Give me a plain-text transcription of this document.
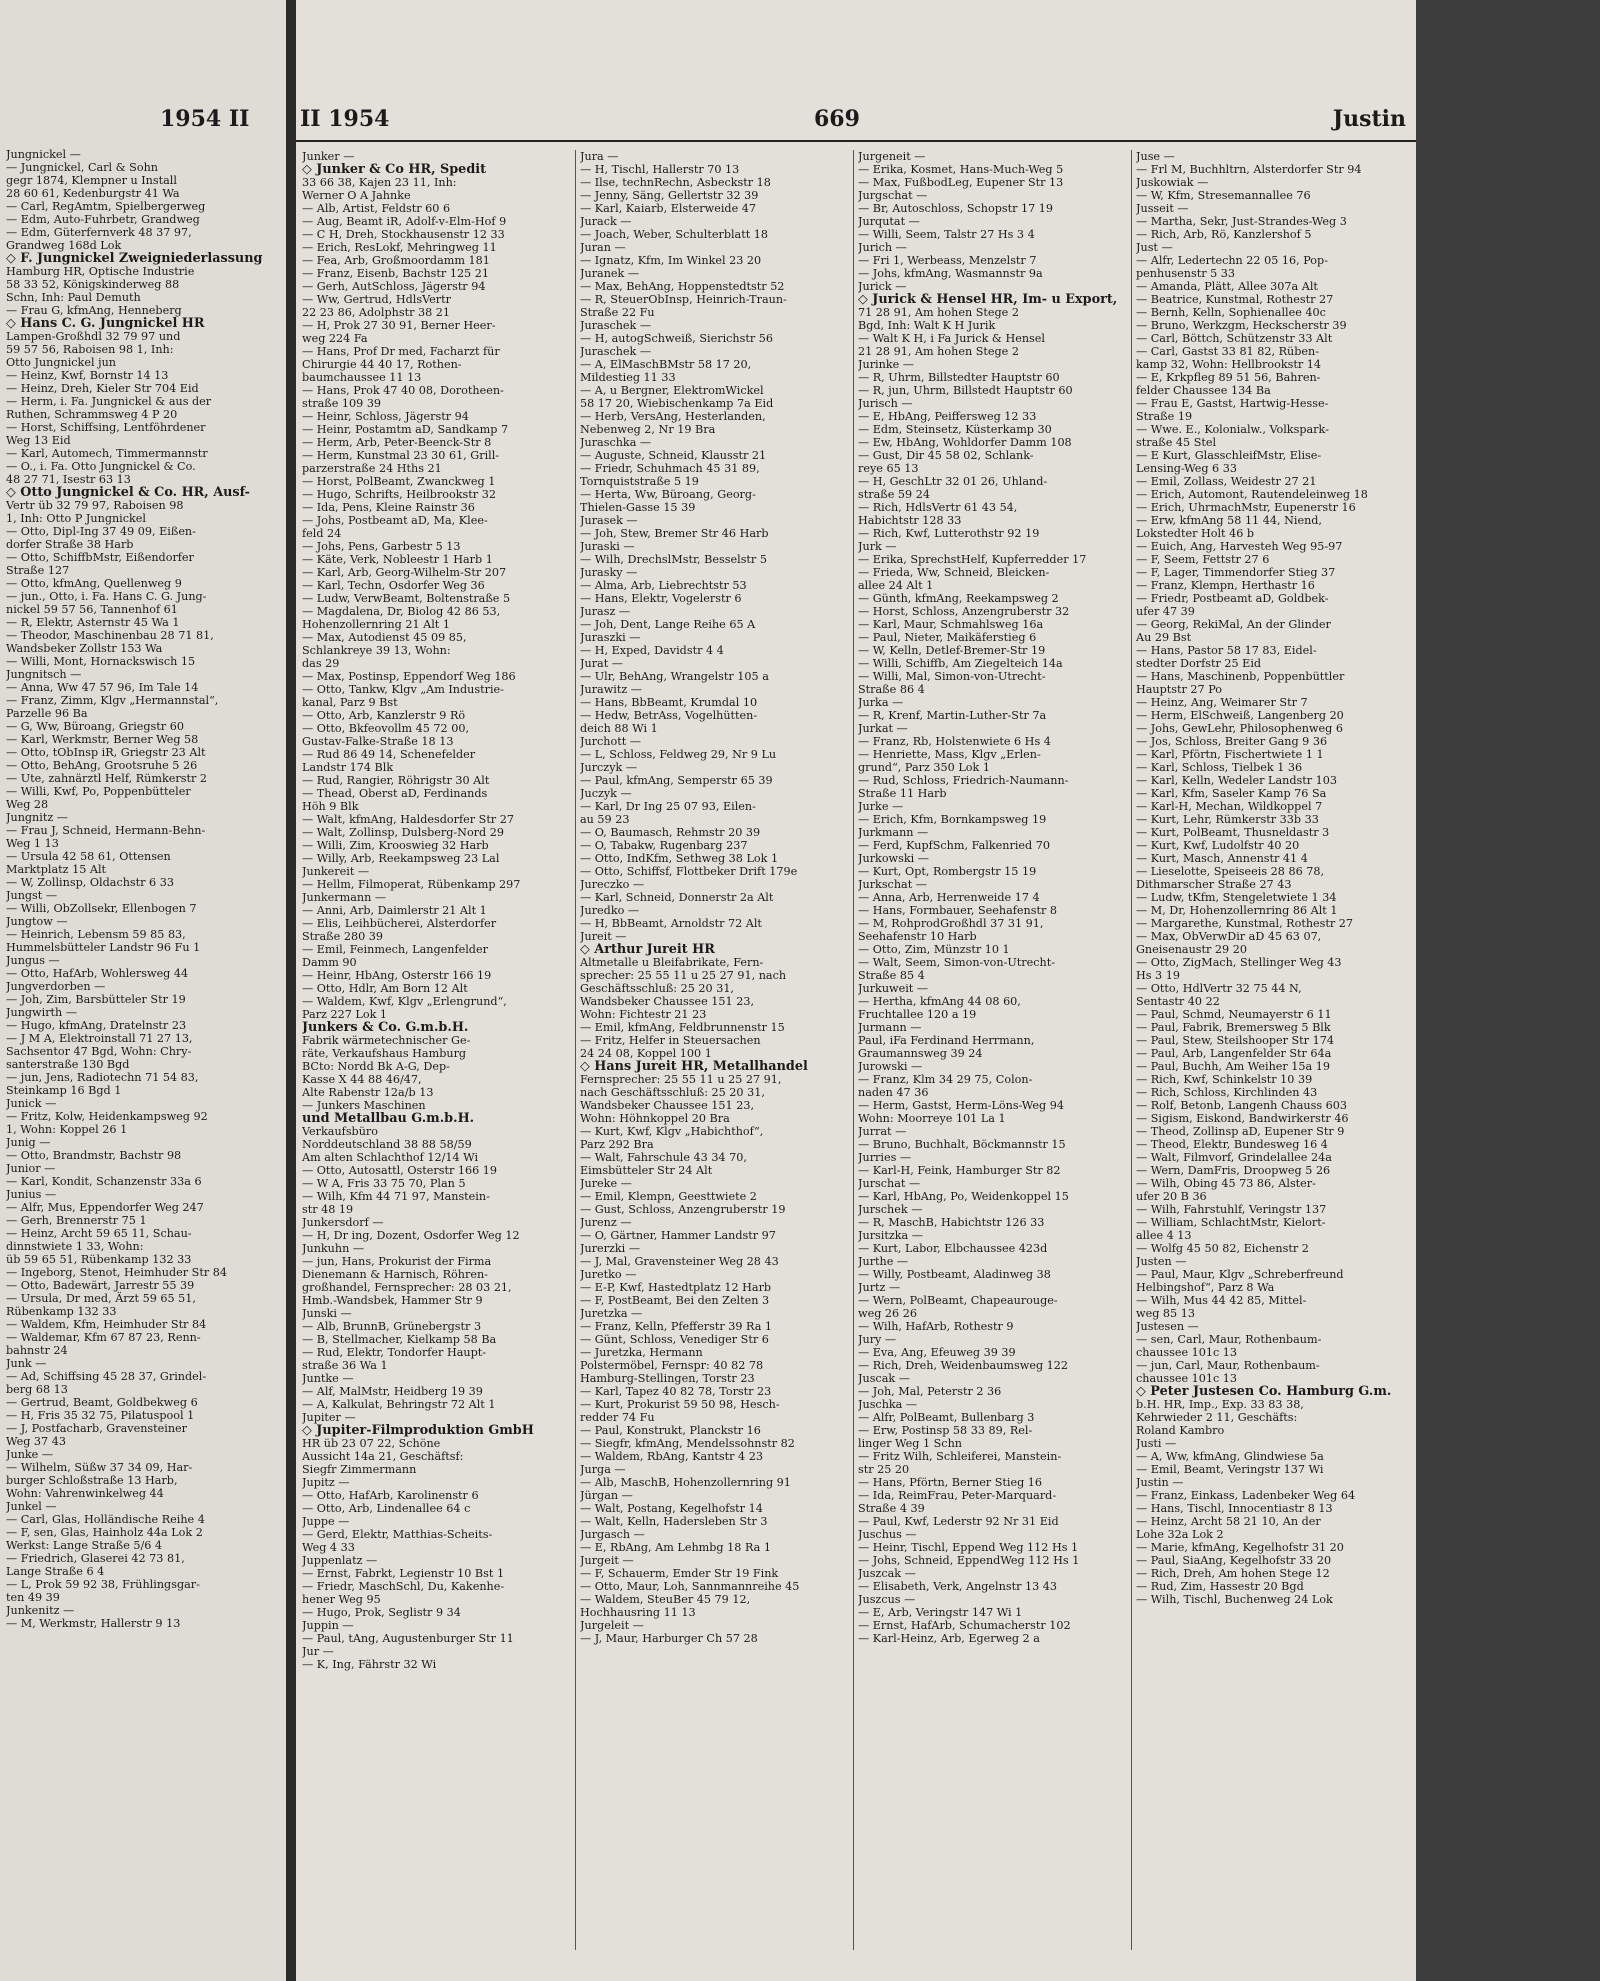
1954 II
Jungnickel —
— Jungnickel, Carl & Sohn
gegr 1874, Klempner u Install
28 60 61, Kedenburgstr 41 Wa
— Carl, RegAmtm, Spielbergerweg
— Edm, Auto-Fuhrbetr, Grandweg
— Edm, Güterfernverk 48 37 97,
Grandweg 168d Lok
◇ F. Jungnickel Zweigniederlassung
Hamburg HR, Optische Industrie
58 33 52, Königskinderweg 88
Schn, Inh: Paul Demuth
— Frau G, kfmAng, Henneberg
◇ Hans C. G. Jungnickel HR
Lampen-Großhdl 32 79 97 und
59 57 56, Raboisen 98 1, Inh:
Otto Jungnickel jun
— Heinz, Kwf, Bornstr 14 13
— Heinz, Dreh, Kieler Str 704 Eid
— Herm, i. Fa. Jungnickel & aus der
Ruthen, Schrammsweg 4 P 20
— Horst, Schiffsing, Lentföhrdener
Weg 13 Eid
— Karl, Automech, Timmermannstr
— O., i. Fa. Otto Jungnickel & Co.
48 27 71, Isestr 63 13
◇ Otto Jungnickel & Co. HR, Ausf-
Vertr üb 32 79 97, Raboisen 98
1, Inh: Otto P Jungnickel
— Otto, Dipl-Ing 37 49 09, Eißen-
dorfer Straße 38 Harb
— Otto, SchiffbMstr, Eißendorfer
Straße 127
— Otto, kfmAng, Quellenweg 9
— jun., Otto, i. Fa. Hans C. G. Jung-
nickel 59 57 56, Tannenhof 61
— R, Elektr, Asternstr 45 Wa 1
— Theodor, Maschinenbau 28 71 81,
Wandsbeker Zollstr 153 Wa
— Willi, Mont, Hornackswisch 15
Jungnitsch —
— Anna, Ww 47 57 96, Im Tale 14
— Franz, Zimm, Klgv „Hermannstal“,
Parzelle 96 Ba
— G, Ww, Büroang, Griegstr 60
— Karl, Werkmstr, Berner Weg 58
— Otto, tObInsp iR, Griegstr 23 Alt
— Otto, BehAng, Grootsruhe 5 26
— Ute, zahnärztl Helf, Rümkerstr 2
— Willi, Kwf, Po, Poppenbütteler
Weg 28
Jungnitz —
— Frau J, Schneid, Hermann-Behn-
Weg 1 13
— Ursula 42 58 61, Ottensen
Marktplatz 15 Alt
— W, Zollinsp, Oldachstr 6 33
Jungst —
— Willi, ObZollsekr, Ellenbogen 7
Jungtow —
— Heinrich, Lebensm 59 85 83,
Hummelsbütteler Landstr 96 Fu 1
Jungus —
— Otto, HafArb, Wohlersweg 44
Jungverdorben —
— Joh, Zim, Barsbütteler Str 19
Jungwirth —
— Hugo, kfmAng, Dratelnstr 23
— J M A, Elektroinstall 71 27 13,
Sachsentor 47 Bgd, Wohn: Chry-
santerstraße 130 Bgd
— jun, Jens, Radiotechn 71 54 83,
Steinkamp 16 Bgd 1
Junick —
— Fritz, Kolw, Heidenkampsweg 92
1, Wohn: Koppel 26 1
Junig —
— Otto, Brandmstr, Bachstr 98
Junior —
— Karl, Kondit, Schanzenstr 33a 6
Junius —
— Alfr, Mus, Eppendorfer Weg 247
— Gerh, Brennerstr 75 1
— Heinz, Archt 59 65 11, Schau-
dinnstwiete 1 33, Wohn:
üb 59 65 51, Rübenkamp 132 33
— Ingeborg, Stenot, Heimhuder Str 84
— Otto, Badewärt, Jarrestr 55 39
— Ursula, Dr med, Ärzt 59 65 51,
Rübenkamp 132 33
— Waldem, Kfm, Heimhuder Str 84
— Waldemar, Kfm 67 87 23, Renn-
bahnstr 24
Junk —
— Ad, Schiffsing 45 28 37, Grindel-
berg 68 13
— Gertrud, Beamt, Goldbekweg 6
— H, Fris 35 32 75, Pilatuspool 1
— J, Postfacharb, Gravensteiner
Weg 37 43
Junke —
— Wilhelm, Süßw 37 34 09, Har-
burger Schloßstraße 13 Harb,
Wohn: Vahrenwinkelweg 44
Junkel —
— Carl, Glas, Holländische Reihe 4
— F, sen, Glas, Hainholz 44a Lok 2
Werkst: Lange Straße 5/6 4
— Friedrich, Glaserei 42 73 81,
Lange Straße 6 4
— L, Prok 59 92 38, Frühlingsgar-
ten 49 39
Junkenitz —
— M, Werkmstr, Hallerstr 9 13
II 1954	669	Justin
Junker —
◇ Junker & Co HR, Spedit
33 66 38, Kajen 23 11, Inh:
Werner O A Jahnke
— Alb, Artist, Feldstr 60 6
— Aug, Beamt iR, Adolf-v-Elm-Hof 9
— C H, Dreh, Stockhausenstr 12 33
— Erich, ResLokf, Mehringweg 11
— Fea, Arb, Großmoordamm 181
— Franz, Eisenb, Bachstr 125 21
— Gerh, AutSchloss, Jägerstr 94
— Ww, Gertrud, HdlsVertr
22 23 86, Adolphstr 38 21
— H, Prok 27 30 91, Berner Heer-
weg 224 Fa
— Hans, Prof Dr med, Facharzt für
Chirurgie 44 40 17, Rothen-
baumchaussee 11 13
— Hans, Prok 47 40 08, Dorotheen-
straße 109 39
— Heinr, Schloss, Jägerstr 94
— Heinr, Postamtm aD, Sandkamp 7
— Herm, Arb, Peter-Beenck-Str 8
— Herm, Kunstmal 23 30 61, Grill-
parzerstraße 24 Hths 21
— Horst, PolBeamt, Zwanckweg 1
— Hugo, Schrifts, Heilbrookstr 32
— Ida, Pens, Kleine Rainstr 36
— Johs, Postbeamt aD, Ma, Klee-
feld 24
— Johs, Pens, Garbestr 5 13
— Käte, Verk, Nobleestr 1 Harb 1
— Karl, Arb, Georg-Wilhelm-Str 207
— Karl, Techn, Osdorfer Weg 36
— Ludw, VerwBeamt, Boltenstraße 5
— Magdalena, Dr, Biolog 42 86 53,
Hohenzollernring 21 Alt 1
— Max, Autodienst 45 09 85,
Schlankreye 39 13, Wohn:
das 29
— Max, Postinsp, Eppendorf Weg 186
— Otto, Tankw, Klgv „Am Industrie-
kanal, Parz 9 Bst
— Otto, Arb, Kanzlerstr 9 Rö
— Otto, Bkfeovollm 45 72 00,
Gustav-Falke-Straße 18 13
— Rud 86 49 14, Schenefelder
Landstr 174 Blk
— Rud, Rangier, Röhrigstr 30 Alt
— Thead, Oberst aD, Ferdinands
Höh 9 Blk
— Walt, kfmAng, Haldesdorfer Str 27
— Walt, Zollinsp, Dulsberg-Nord 29
— Willi, Zim, Krooswieg 32 Harb
— Willy, Arb, Reekampsweg 23 Lal
Junkereit —
— Hellm, Filmoperat, Rübenkamp 297
Junkermann —
— Anni, Arb, Daimlerstr 21 Alt 1
— Elis, Leihbücherei, Alsterdorfer
Straße 280 39
— Emil, Feinmech, Langenfelder
Damm 90
— Heinr, HbAng, Osterstr 166 19
— Otto, Hdlr, Am Born 12 Alt
— Waldem, Kwf, Klgv „Erlengrund“,
Parz 227 Lok 1
Junkers & Co. G.m.b.H.
Fabrik wärmetechnischer Ge-
räte, Verkaufshaus Hamburg
BCto: Nordd Bk A-G, Dep-
Kasse X 44 88 46/47,
Alte Rabenstr 12a/b 13
— Junkers Maschinen
und Metallbau G.m.b.H.
Verkaufsbüro
Norddeutschland 38 88 58/59
Am alten Schlachthof 12/14 Wi
— Otto, Autosattl, Osterstr 166 19
— W A, Fris 33 75 70, Plan 5
— Wilh, Kfm 44 71 97, Manstein-
str 48 19
Junkersdorf —
— H, Dr ing, Dozent, Osdorfer Weg 12
Junkuhn —
— jun, Hans, Prokurist der Firma
Dienemann & Harnisch, Röhren-
großhandel, Fernsprecher: 28 03 21,
Hmb.-Wandsbek, Hammer Str 9
Junski —
— Alb, BrunnB, Grünebergstr 3
— B, Stellmacher, Kielkamp 58 Ba
— Rud, Elektr, Tondorfer Haupt-
straße 36 Wa 1
Juntke —
— Alf, MalMstr, Heidberg 19 39
— A, Kalkulat, Behringstr 72 Alt 1
Jupiter —
◇ Jupiter-Filmproduktion GmbH
HR üb 23 07 22, Schöne
Aussicht 14a 21, Geschäftsf:
Siegfr Zimmermann
Jupitz —
— Otto, HafArb, Karolinenstr 6
— Otto, Arb, Lindenallee 64 c
Juppe —
— Gerd, Elektr, Matthias-Scheits-
Weg 4 33
Juppenlatz —
— Ernst, Fabrkt, Legienstr 10 Bst 1
— Friedr, MaschSchl, Du, Kakenhe-
hener Weg 95
— Hugo, Prok, Seglistr 9 34
Juppin —
— Paul, tAng, Augustenburger Str 11
Jur —
— K, Ing, Fährstr 32 Wi
Jura —
— H, Tischl, Hallerstr 70 13
— Ilse, technRechn, Asbeckstr 18
— Jenny, Säng, Gellertstr 32 39
— Karl, Kaiarb, Elsterweide 47
Jurack —
— Joach, Weber, Schulterblatt 18
Juran —
— Ignatz, Kfm, Im Winkel 23 20
Juranek —
— Max, BehAng, Hoppenstedtstr 52
— R, SteuerObInsp, Heinrich-Traun-
Straße 22 Fu
Juraschek —
— H, autogSchweiß, Sierichstr 56
Juraschek —
— A, ElMaschBMstr 58 17 20,
Mildestieg 11 33
— A, u Bergner, ElektromWickel
58 17 20, Wiebischenkamp 7a Eid
— Herb, VersAng, Hesterlanden,
Nebenweg 2, Nr 19 Bra
Juraschka —
— Auguste, Schneid, Klausstr 21
— Friedr, Schuhmach 45 31 89,
Tornquiststraße 5 19
— Herta, Ww, Büroang, Georg-
Thielen-Gasse 15 39
Jurasek —
— Joh, Stew, Bremer Str 46 Harb
Juraski —
— Wilh, DrechslMstr, Besselstr 5
Jurasky —
— Alma, Arb, Liebrechtstr 53
— Hans, Elektr, Vogelerstr 6
Jurasz —
— Joh, Dent, Lange Reihe 65 A
Juraszki —
— H, Exped, Davidstr 4 4
Jurat —
— Ulr, BehAng, Wrangelstr 105 a
Jurawitz —
— Hans, BbBeamt, Krumdal 10
— Hedw, BetrAss, Vogelhütten-
deich 88 Wi 1
Jurchott —
— L, Schloss, Feldweg 29, Nr 9 Lu
Jurczyk —
— Paul, kfmAng, Semperstr 65 39
Juczyk —
— Karl, Dr Ing 25 07 93, Eilen-
au 59 23
— O, Baumasch, Rehmstr 20 39
— O, Tabakw, Rugenbarg 237
— Otto, IndKfm, Sethweg 38 Lok 1
— Otto, Schiffsf, Flottbeker Drift 179e
Jureczko —
— Karl, Schneid, Donnerstr 2a Alt
Juredko —
— H, BbBeamt, Arnoldstr 72 Alt
Jureit —
◇ Arthur Jureit HR
Altmetalle u Bleifabrikate, Fern-
sprecher: 25 55 11 u 25 27 91, nach
Geschäftsschluß: 25 20 31,
Wandsbeker Chaussee 151 23,
Wohn: Fichtestr 21 23
— Emil, kfmAng, Feldbrunnenstr 15
— Fritz, Helfer in Steuersachen
24 24 08, Koppel 100 1
◇ Hans Jureit HR, Metallhandel
Fernsprecher: 25 55 11 u 25 27 91,
nach Geschäftsschluß: 25 20 31,
Wandsbeker Chaussee 151 23,
Wohn: Höhnkoppel 20 Bra
— Kurt, Kwf, Klgv „Habichthof“,
Parz 292 Bra
— Walt, Fahrschule 43 34 70,
Eimsbütteler Str 24 Alt
Jureke —
— Emil, Klempn, Geesttwiete 2
— Gust, Schloss, Anzengruberstr 19
Jurenz —
— O, Gärtner, Hammer Landstr 97
Jurerzki —
— J, Mal, Gravensteiner Weg 28 43
Juretko —
— E-P, Kwf, Hastedtplatz 12 Harb
— F, PostBeamt, Bei den Zelten 3
Juretzka —
— Franz, Kelln, Pfefferstr 39 Ra 1
— Günt, Schloss, Venediger Str 6
— Juretzka, Hermann
Polstermöbel, Fernspr: 40 82 78
Hamburg-Stellingen, Torstr 23
— Karl, Tapez 40 82 78, Torstr 23
— Kurt, Prokurist 59 50 98, Hesch-
redder 74 Fu
— Paul, Konstrukt, Planckstr 16
— Siegfr, kfmAng, Mendelssohnstr 82
— Waldem, RbAng, Kantstr 4 23
Jurga —
— Alb, MaschB, Hohenzollernring 91
Jürgan —
— Walt, Postang, Kegelhofstr 14
— Walt, Kelln, Hadersleben Str 3
Jurgasch —
— E, RbAng, Am Lehmbg 18 Ra 1
Jurgeit —
— F, Schauerm, Emder Str 19 Fink
— Otto, Maur, Loh, Sannmannreihe 45
— Waldem, SteuBer 45 79 12,
Hochhausring 11 13
Jurgeleit —
— J, Maur, Harburger Ch 57 28
Jurgeneit —
— Erika, Kosmet, Hans-Much-Weg 5
— Max, FußbodLeg, Eupener Str 13
Jurgschat —
— Br, Autoschloss, Schopstr 17 19
Jurqutat —
— Willi, Seem, Talstr 27 Hs 3 4
Jurich —
— Fri 1, Werbeass, Menzelstr 7
— Johs, kfmAng, Wasmannstr 9a
Jurick —
◇ Jurick & Hensel HR, Im- u Export,
71 28 91, Am hohen Stege 2
Bgd, Inh: Walt K H Jurik
— Walt K H, i Fa Jurick & Hensel
21 28 91, Am hohen Stege 2
Jurinke —
— R, Uhrm, Billstedter Hauptstr 60
— R, jun, Uhrm, Billstedt Hauptstr 60
Jurisch —
— E, HbAng, Peiffersweg 12 33
— Edm, Steinsetz, Küsterkamp 30
— Ew, HbAng, Wohldorfer Damm 108
— Gust, Dir 45 58 02, Schlank-
reye 65 13
— H, GeschLtr 32 01 26, Uhland-
straße 59 24
— Rich, HdlsVertr 61 43 54,
Habichtstr 128 33
— Rich, Kwf, Lutterothstr 92 19
Jurk —
— Erika, SprechstHelf, Kupferredder 17
— Frieda, Ww, Schneid, Bleicken-
allee 24 Alt 1
— Günth, kfmAng, Reekampsweg 2
— Horst, Schloss, Anzengruberstr 32
— Karl, Maur, Schmahlsweg 16a
— Paul, Nieter, Maikäferstieg 6
— W, Kelln, Detlef-Bremer-Str 19
— Willi, Schiffb, Am Ziegelteich 14a
— Willi, Mal, Simon-von-Utrecht-
Straße 86 4
Jurka —
— R, Krenf, Martin-Luther-Str 7a
Jurkat —
— Franz, Rb, Holstenwiete 6 Hs 4
— Henriette, Mass, Klgv „Erlen-
grund“, Parz 350 Lok 1
— Rud, Schloss, Friedrich-Naumann-
Straße 11 Harb
Jurke —
— Erich, Kfm, Bornkampsweg 19
Jurkmann —
— Ferd, KupfSchm, Falkenried 70
Jurkowski —
— Kurt, Opt, Rombergstr 15 19
Jurkschat —
— Anna, Arb, Herrenweide 17 4
— Hans, Formbauer, Seehafenstr 8
— M, RohprodGroßhdl 37 31 91,
Seehafenstr 10 Harb
— Otto, Zim, Münzstr 10 1
— Walt, Seem, Simon-von-Utrecht-
Straße 85 4
Jurkuweit —
— Hertha, kfmAng 44 08 60,
Fruchtallee 120 a 19
Jurmann —
Paul, iFa Ferdinand Herrmann,
Graumannsweg 39 24
Jurowski —
— Franz, Klm 34 29 75, Colon-
naden 47 36
— Herm, Gastst, Herm-Löns-Weg 94
Wohn: Moorreye 101 La 1
Jurrat —
— Bruno, Buchhalt, Böckmannstr 15
Jurries —
— Karl-H, Feink, Hamburger Str 82
Jurschat —
— Karl, HbAng, Po, Weidenkoppel 15
Jurschek —
— R, MaschB, Habichtstr 126 33
Jursitzka —
— Kurt, Labor, Elbchaussee 423d
Jurthe —
— Willy, Postbeamt, Aladinweg 38
Jurtz —
— Wern, PolBeamt, Chapeaurouge-
weg 26 26
— Wilh, HafArb, Rothestr 9
Jury —
— Eva, Ang, Efeuweg 39 39
— Rich, Dreh, Weidenbaumsweg 122
Juscak —
— Joh, Mal, Peterstr 2 36
Juschka —
— Alfr, PolBeamt, Bullenbarg 3
— Erw, Postinsp 58 33 89, Rel-
linger Weg 1 Schn
— Fritz Wilh, Schleiferei, Manstein-
str 25 20
— Hans, Pförtn, Berner Stieg 16
— Ida, ReimFrau, Peter-Marquard-
Straße 4 39
— Paul, Kwf, Lederstr 92 Nr 31 Eid
Juschus —
— Heinr, Tischl, Eppend Weg 112 Hs 1
— Johs, Schneid, EppendWeg 112 Hs 1
Juszcak —
— Elisabeth, Verk, Angelnstr 13 43
Juszcus —
— E, Arb, Veringstr 147 Wi 1
— Ernst, HafArb, Schumacherstr 102
— Karl-Heinz, Arb, Egerweg 2 a
Juse —
— Frl M, Buchhltrn, Alsterdorfer Str 94
Juskowiak —
— W, Kfm, Stresemannallee 76
Jusseit —
— Martha, Sekr, Just-Strandes-Weg 3
— Rich, Arb, Rö, Kanzlershof 5
Just —
— Alfr, Ledertechn 22 05 16, Pop-
penhusenstr 5 33
— Amanda, Plätt, Allee 307a Alt
— Beatrice, Kunstmal, Rothestr 27
— Bernh, Kelln, Sophienallee 40c
— Bruno, Werkzgm, Heckscherstr 39
— Carl, Böttch, Schützenstr 33 Alt
— Carl, Gastst 33 81 82, Rüben-
kamp 32, Wohn: Hellbrookstr 14
— E, Krkpfleg 89 51 56, Bahren-
felder Chaussee 134 Ba
— Frau E, Gastst, Hartwig-Hesse-
Straße 19
— Wwe. E., Kolonialw., Volkspark-
straße 45 Stel
— E Kurt, GlasschleifMstr, Elise-
Lensing-Weg 6 33
— Emil, Zollass, Weidestr 27 21
— Erich, Automont, Rautendeleinweg 18
— Erich, UhrmachMstr, Eupenerstr 16
— Erw, kfmAng 58 11 44, Niend,
Lokstedter Holt 46 b
— Euich, Ang, Harvesteh Weg 95-97
— F, Seem, Fettstr 27 6
— F, Lager, Timmendorfer Stieg 37
— Franz, Klempn, Herthastr 16
— Friedr, Postbeamt aD, Goldbek-
ufer 47 39
— Georg, RekiMal, An der Glinder
Au 29 Bst
— Hans, Pastor 58 17 83, Eidel-
stedter Dorfstr 25 Eid
— Hans, Maschinenb, Poppenbüttler
Hauptstr 27 Po
— Heinz, Ang, Weimarer Str 7
— Herm, ElSchweiß, Langenberg 20
— Johs, GewLehr, Philosophenweg 6
— Jos, Schloss, Breiter Gang 9 36
— Karl, Pförtn, Fischertwiete 1 1
— Karl, Schloss, Tielbek 1 36
— Karl, Kelln, Wedeler Landstr 103
— Karl, Kfm, Saseler Kamp 76 Sa
— Karl-H, Mechan, Wildkoppel 7
— Kurt, Lehr, Rümkerstr 33b 33
— Kurt, PolBeamt, Thusneldastr 3
— Kurt, Kwf, Ludolfstr 40 20
— Kurt, Masch, Annenstr 41 4
— Lieselotte, Speiseeis 28 86 78,
Dithmarscher Straße 27 43
— Ludw, tKfm, Stengeletwiete 1 34
— M, Dr, Hohenzollernring 86 Alt 1
— Margarethe, Kunstmal, Rothestr 27
— Max, ObVerwDir aD 45 63 07,
Gneisenaustr 29 20
— Otto, ZigMach, Stellinger Weg 43
Hs 3 19
— Otto, HdlVertr 32 75 44 N,
Sentastr 40 22
— Paul, Schmd, Neumayerstr 6 11
— Paul, Fabrik, Bremersweg 5 Blk
— Paul, Stew, Steilshooper Str 174
— Paul, Arb, Langenfelder Str 64a
— Paul, Buchh, Am Weiher 15a 19
— Rich, Kwf, Schinkelstr 10 39
— Rich, Schloss, Kirchlinden 43
— Rolf, Betonb, Langenh Chauss 603
— Sigism, Eiskond, Bandwirkerstr 46
— Theod, Zollinsp aD, Eupener Str 9
— Theod, Elektr, Bundesweg 16 4
— Walt, Filmvorf, Grindelallee 24a
— Wern, DamFris, Droopweg 5 26
— Wilh, Obing 45 73 86, Alster-
ufer 20 B 36
— Wilh, Fahrstuhlf, Veringstr 137
— William, SchlachtMstr, Kielort-
allee 4 13
— Wolfg 45 50 82, Eichenstr 2
Justen —
— Paul, Maur, Klgv „Schreberfreund
Helbingshof“, Parz 8 Wa
— Wilh, Mus 44 42 85, Mittel-
weg 85 13
Justesen —
— sen, Carl, Maur, Rothenbaum-
chaussee 101c 13
— jun, Carl, Maur, Rothenbaum-
chaussee 101c 13
◇ Peter Justesen Co. Hamburg G.m.
b.H. HR, Imp., Exp. 33 83 38,
Kehrwieder 2 11, Geschäfts:
Roland Kambro
Justi —
— A, Ww, kfmAng, Glindwiese 5a
— Emil, Beamt, Veringstr 137 Wi
Justin —
— Franz, Einkass, Ladenbeker Weg 64
— Hans, Tischl, Innocentiastr 8 13
— Heinz, Archt 58 21 10, An der
Lohe 32a Lok 2
— Marie, kfmAng, Kegelhofstr 31 20
— Paul, SiaAng, Kegelhofstr 33 20
— Rich, Dreh, Am hohen Stege 12
— Rud, Zim, Hassestr 20 Bgd
— Wilh, Tischl, Buchenweg 24 Lok
